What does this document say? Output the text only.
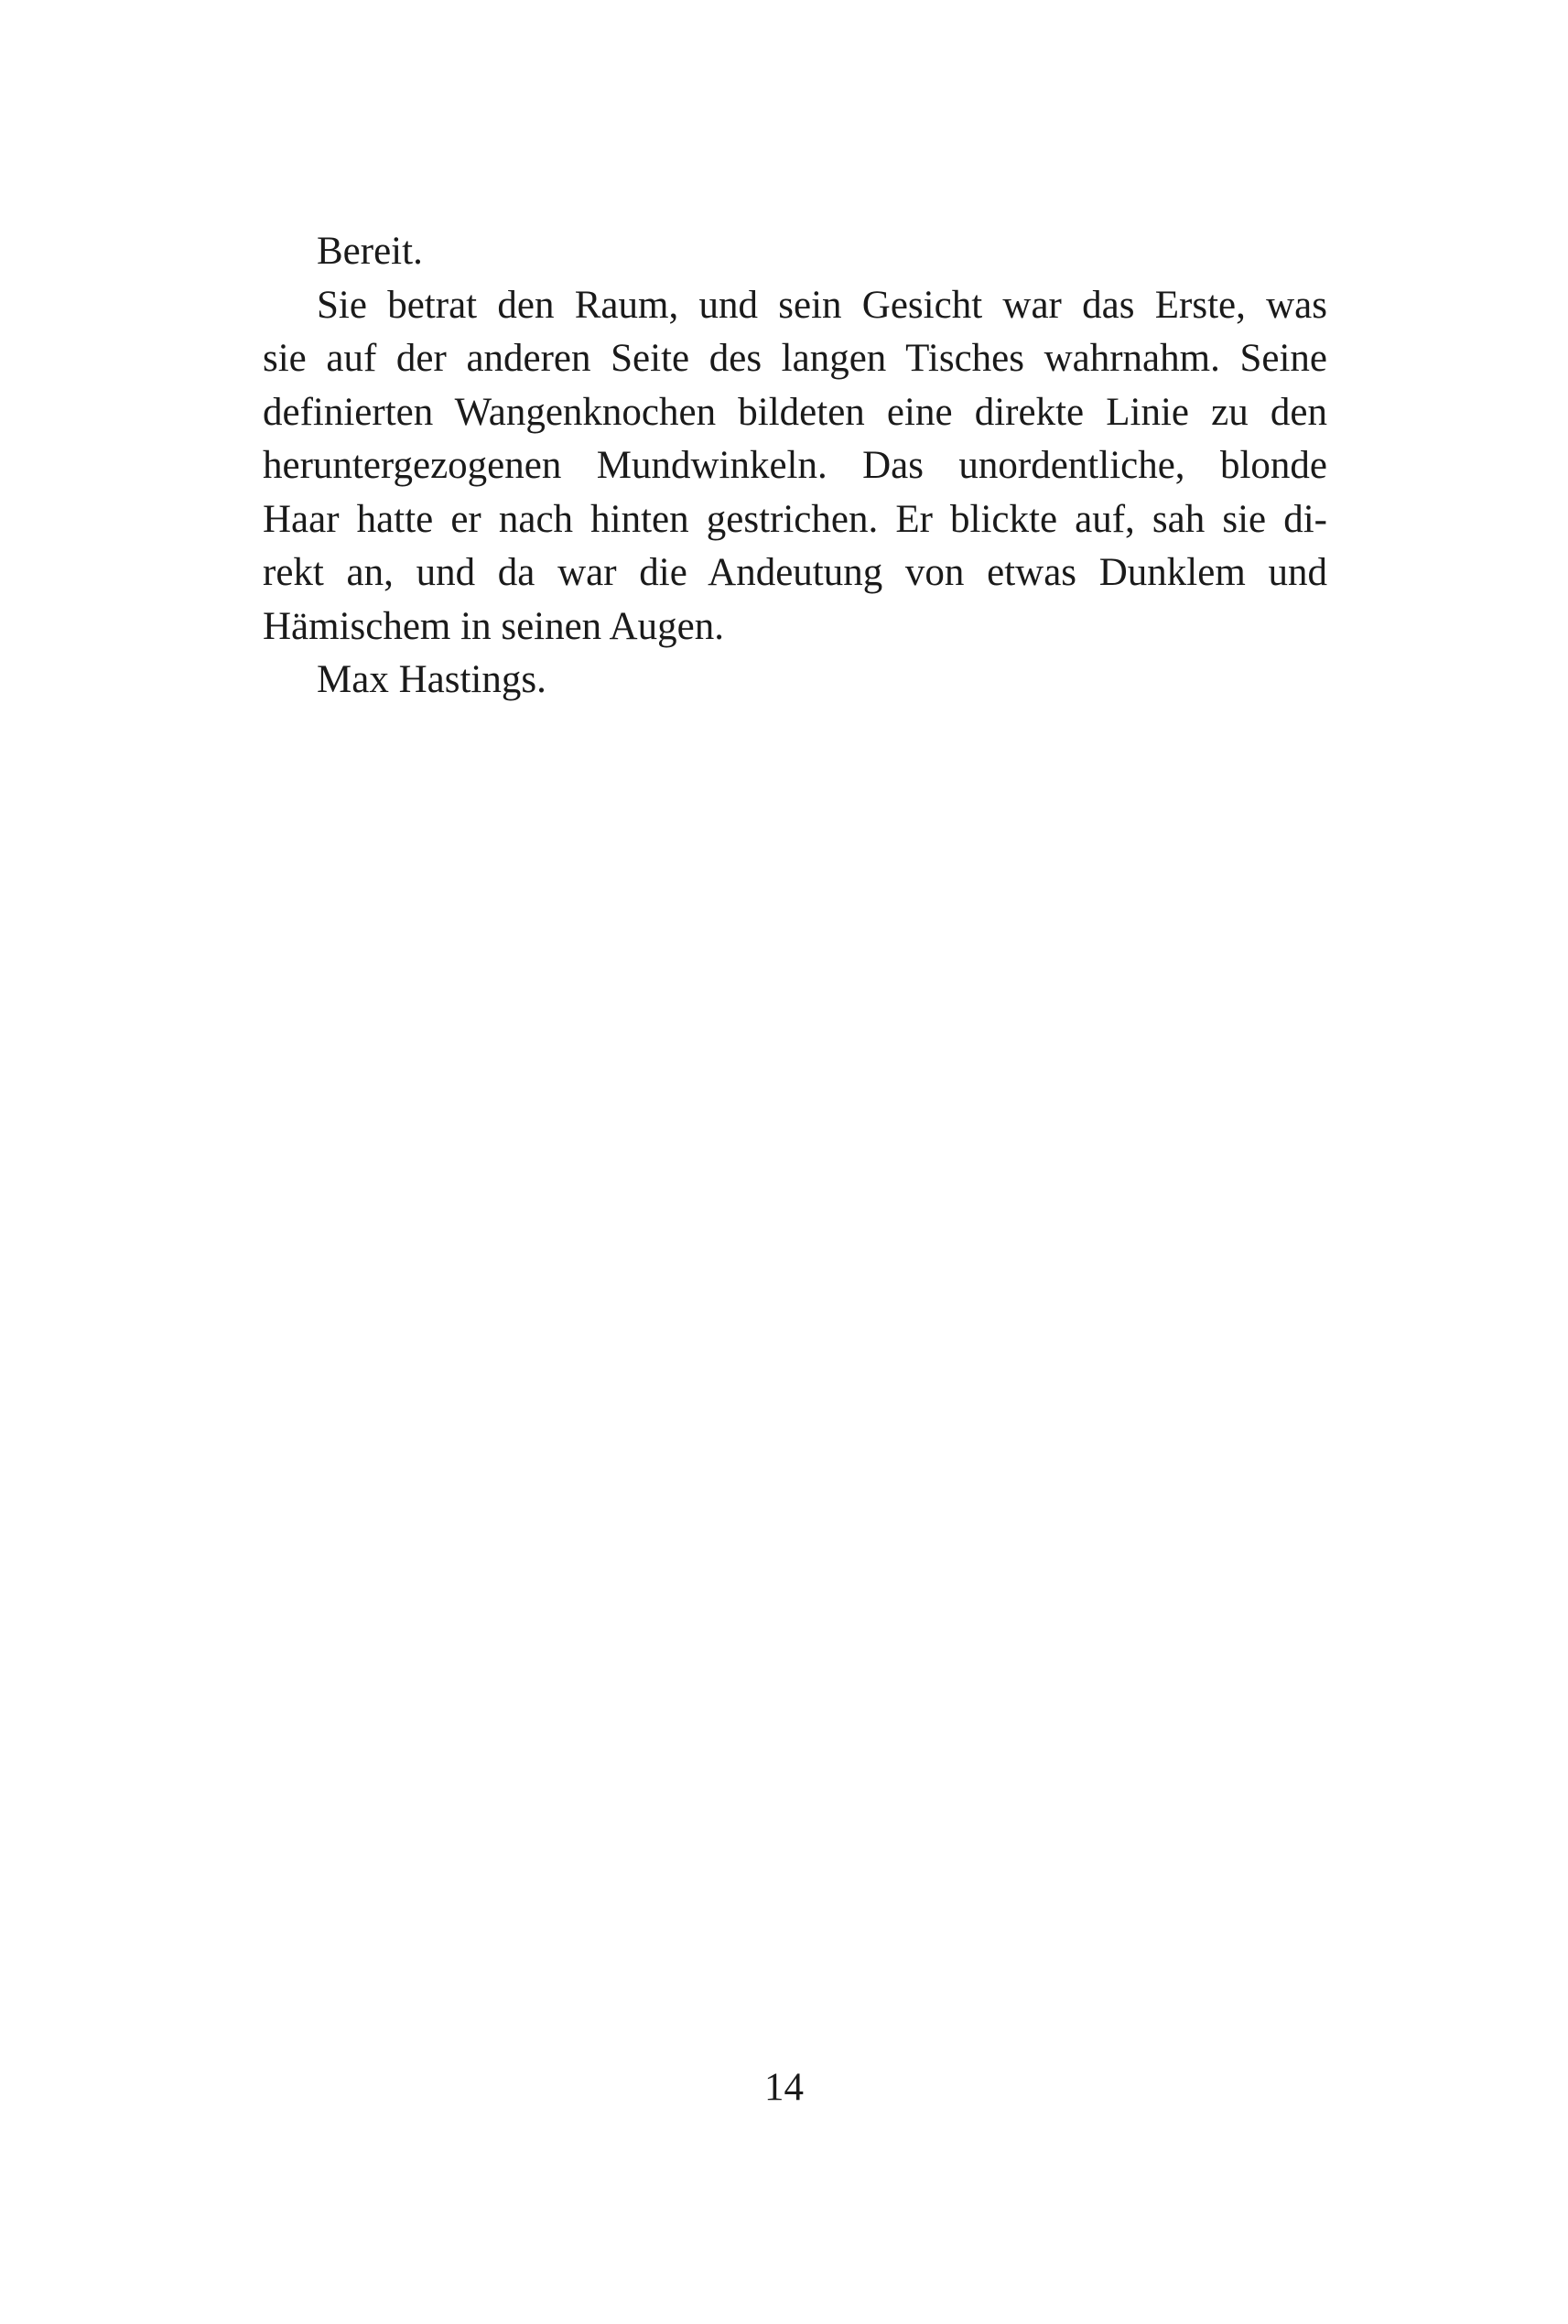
Bereit.
Sie betrat den Raum, und sein Gesicht war das Erste, was
sie auf der anderen Seite des langen Tisches wahrnahm. Seine
definierten Wangenknochen bildeten eine direkte Linie zu den
heruntergezogenen Mundwinkeln. Das unordentliche, blonde
Haar hatte er nach hinten gestrichen. Er blickte auf, sah sie di-
rekt an, und da war die Andeutung von etwas Dunklem und
Hämischem in seinen Augen.
Max Hastings.
14
